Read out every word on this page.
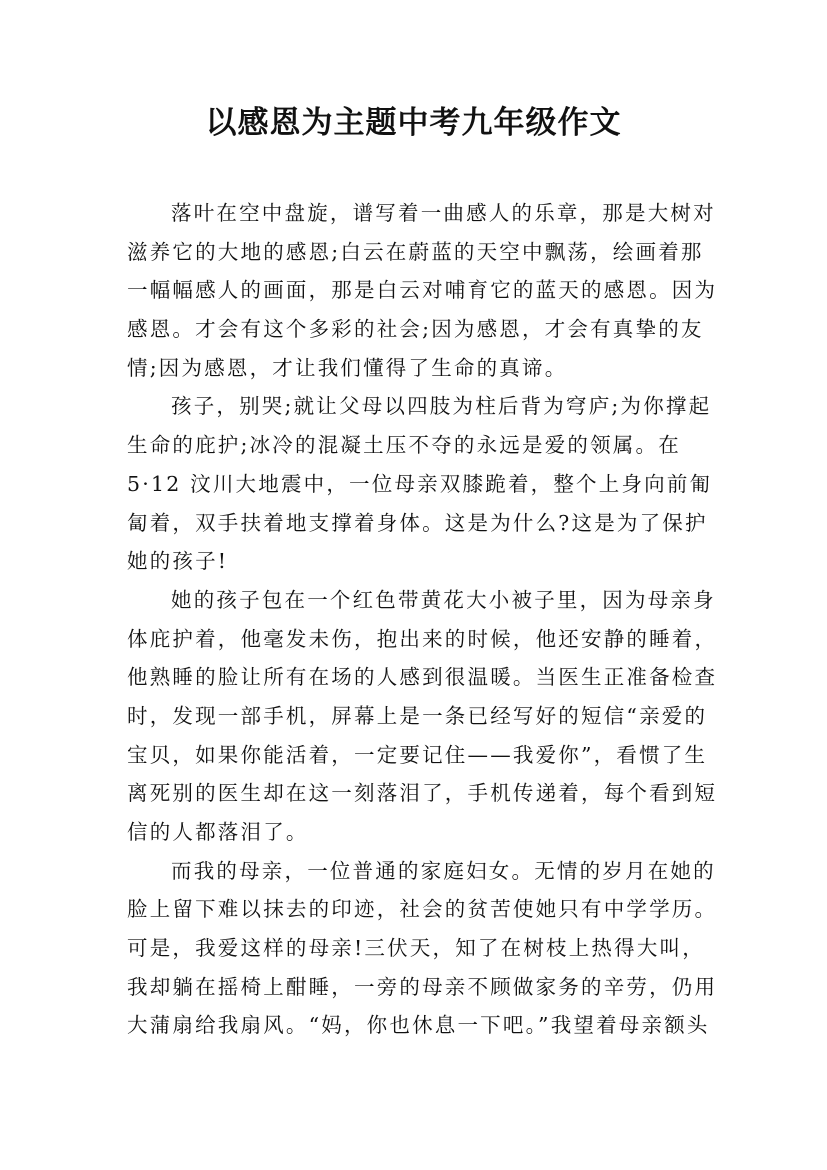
以感恩为主题中考九年级作文
落叶在空中盘旋，谱写着一曲感人的乐章，那是大树对
滋养它的大地的感恩;白云在蔚蓝的天空中飘荡，绘画着那
一幅幅感人的画面，那是白云对哺育它的蓝天的感恩。因为
感恩。才会有这个多彩的社会;因为感恩，才会有真挚的友
情;因为感恩，才让我们懂得了生命的真谛。
孩子，别哭;就让父母以四肢为柱后背为穹庐;为你撑起
生命的庇护;冰冷的混凝土压不夺的永远是爱的领属。在
5·12 汶川大地震中，一位母亲双膝跪着，整个上身向前匍
匐着，双手扶着地支撑着身体。这是为什么?这是为了保护
她的孩子!
她的孩子包在一个红色带黄花大小被子里，因为母亲身
体庇护着，他毫发未伤，抱出来的时候，他还安静的睡着，
他熟睡的脸让所有在场的人感到很温暖。当医生正准备检查
时，发现一部手机，屏幕上是一条已经写好的短信“亲爱的
宝贝，如果你能活着，一定要记住——我爱你”，看惯了生
离死别的医生却在这一刻落泪了，手机传递着，每个看到短
信的人都落泪了。
而我的母亲，一位普通的家庭妇女。无情的岁月在她的
脸上留下难以抹去的印迹，社会的贫苦使她只有中学学历。
可是，我爱这样的母亲!三伏天，知了在树枝上热得大叫，
我却躺在摇椅上酣睡，一旁的母亲不顾做家务的辛劳，仍用
大蒲扇给我扇风。“妈，你也休息一下吧。”我望着母亲额头
